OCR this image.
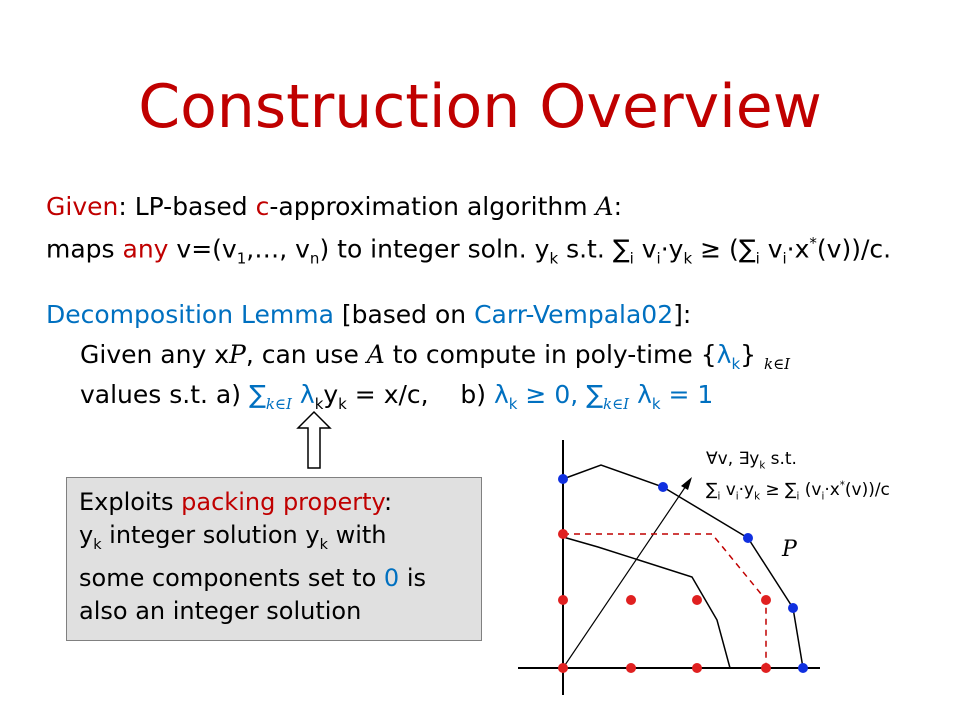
Construction Overview
Given: LP-based c-approximation algorithm A:
maps any $v=(v_1,\dots$, $v_n$) to integer soln. $y_k$ s.t. $\sum_i$ $v_i\cdot y_k \ge (\sum_i$ $v_i\cdot x^*(v))/c$.
Decomposition Lemma [based on Carr-Vempala02]:
Given any xP, can use A to compute in poly-time $\{\lambda_k\}$ $_{k\in I}$
values s.t. a) $\sum_{k\in I}$ $\lambda_ky_k = x/c$, b) $\lambda_k \ge 0$, $\sum_{k\in I}$ $\lambda_k = 1$
∀v, $\exists y_k$ s.t.
$\sum_i$ $v_i\cdot y_k \ge \sum_i$ $(v_i\cdot x^*(v))/c$
P
Exploits packing property:
$y_k$ integer solution $y_k$ with
some components set to 0 is
also an integer solution
